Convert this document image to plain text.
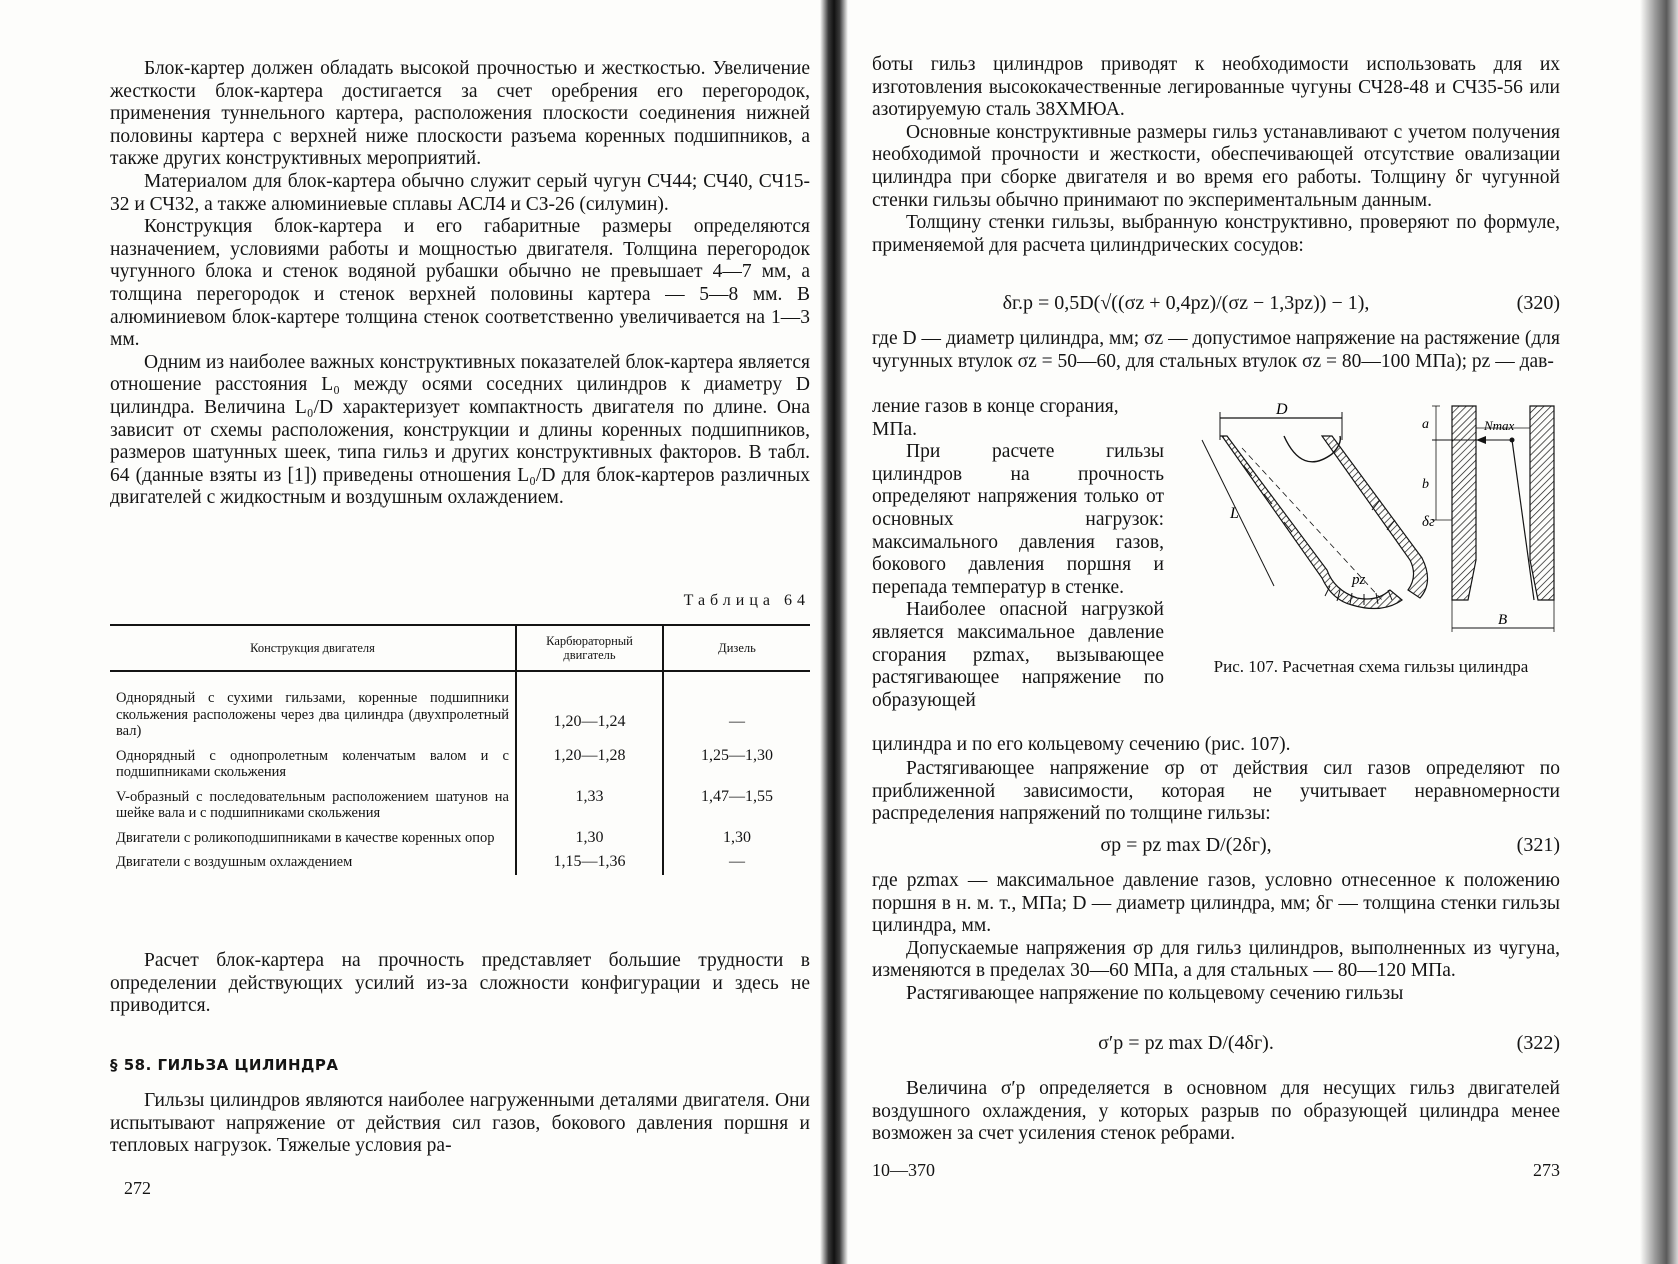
Блок-картер должен обладать высокой прочностью и жесткостью. Увеличение жесткости блок-картера достигается за счет оребрения его перегородок, применения туннельного картера, расположения плоскости соединения нижней половины картера с верхней ниже плоскости разъема коренных подшипников, а также других конструктивных мероприятий.

Материалом для блок-картера обычно служит серый чугун СЧ44; СЧ40, СЧ15-32 и СЧ32, а также алюминиевые сплавы АСЛ4 и СЗ-26 (силумин).

Конструкция блок-картера и его габаритные размеры определяются назначением, условиями работы и мощностью двигателя. Толщина перегородок чугунного блока и стенок водяной рубашки обычно не превышает 4—7 мм, а толщина перегородок и стенок верхней половины картера — 5—8 мм. В алюминиевом блок-картере толщина стенок соответственно увеличивается на 1—3 мм.

Одним из наиболее важных конструктивных показателей блок-картера является отношение расстояния L₀ между осями соседних цилиндров к диаметру D цилиндра. Величина L₀/D характеризует компактность двигателя по длине. Она зависит от схемы расположения, конструкции и длины коренных подшипников, размеров шатунных шеек, типа гильз и других конструктивных факторов. В табл. 64 (данные взяты из [1]) приведены отношения L₀/D для блок-картеров различных двигателей с жидкостным и воздушным охлаждением.

Таблица 64

Конструкция двигателя	Карбюраторный двигатель	Дизель
Однорядный с сухими гильзами, коренные подшипники скольжения расположены через два цилиндра (двухпролетный вал)	1,20—1,24	—
Однорядный с однопролетным коленчатым валом и с подшипниками скольжения	1,20—1,28	1,25—1,30
V-образный с последовательным расположением шатунов на шейке вала и с подшипниками скольжения	1,33	1,47—1,55
Двигатели с роликоподшипниками в качестве коренных опор	1,30	1,30
Двигатели с воздушным охлаждением	1,15—1,36	—

Расчет блок-картера на прочность представляет большие трудности в определении действующих усилий из-за сложности конфигурации и здесь не приводится.

§ 58. ГИЛЬЗА ЦИЛИНДРА

Гильзы цилиндров являются наиболее нагруженными деталями двигателя. Они испытывают напряжение от действия сил газов, бокового давления поршня и тепловых нагрузок. Тяжелые условия ра-

272

боты гильз цилиндров приводят к необходимости использовать для их изготовления высококачественные легированные чугуны СЧ28-48 и СЧ35-56 или азотируемую сталь 38ХМЮА.

Основные конструктивные размеры гильз устанавливают с учетом получения необходимой прочности и жесткости, обеспечивающей отсутствие овализации цилиндра при сборке двигателя и во время его работы. Толщину δг чугунной стенки гильзы обычно принимают по экспериментальным данным.

Толщину стенки гильзы, выбранную конструктивно, проверяют по формуле, применяемой для расчета цилиндрических сосудов:

δг.р = 0,5D(√((σz + 0,4pz)/(σz − 1,3pz)) − 1),	(320)

где D — диаметр цилиндра, мм; σz — допустимое напряжение на растяжение (для чугунных втулок σz = 50—60, для стальных втулок σz = 80—100 МПа); pz — дав-

ление газов в конце сгорания,

МПа.

При расчете гильзы цилиндров на прочность определяют напряжения только от основных нагрузок: максимального давления газов, бокового давления поршня и перепада температур в стенке.

Наиболее опасной нагрузкой является максимальное давление сгорания pzmax, вызывающее растягивающее напряжение по образующей

D
L
pz
δг
a
b
Nmax
B
Рис. 107. Расчетная схема гильзы цилиндра

цилиндра и по его кольцевому сечению (рис. 107).

Растягивающее напряжение σр от действия сил газов определяют по приближенной зависимости, которая не учитывает неравномерности распределения напряжений по толщине гильзы:

σр = pz max D/(2δг),	(321)

где pzmax — максимальное давление газов, условно отнесенное к положению поршня в н. м. т., МПа; D — диаметр цилиндра, мм; δг — толщина стенки гильзы цилиндра, мм.

Допускаемые напряжения σр для гильз цилиндров, выполненных из чугуна, изменяются в пределах 30—60 МПа, а для стальных — 80—120 МПа.

Растягивающее напряжение по кольцевому сечению гильзы

σ′р = pz max D/(4δг).	(322)

Величина σ′р определяется в основном для несущих гильз двигателей воздушного охлаждения, у которых разрыв по образующей цилиндра менее возможен за счет усиления стенок ребрами.

10—370	273
